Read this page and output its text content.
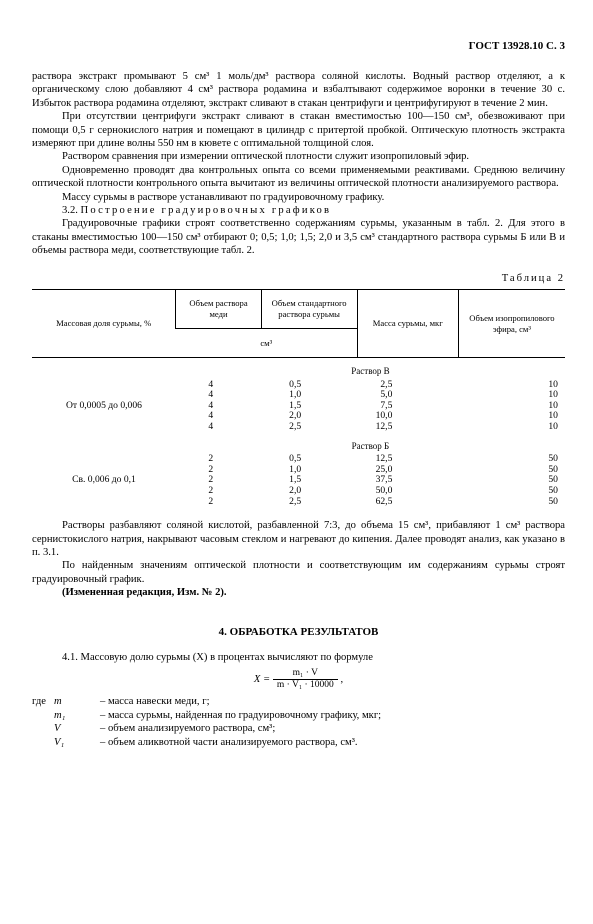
ГОСТ 13928.10 С. 3

раствора экстракт промывают 5 см³ 1 моль/дм³ раствора соляной кислоты. Водный раствор отделяют, а к органическому слою добавляют 4 см³ раствора родамина и взбалтывают содержимое воронки в течение 30 с. Избыток раствора родамина отделяют, экстракт сливают в стакан центрифуги и центрифугируют в течение 2 мин.

При отсутствии центрифуги экстракт сливают в стакан вместимостью 100—150 см³, обезвоживают при помощи 0,5 г сернокислого натрия и помещают в цилиндр с притертой пробкой. Оптическую плотность экстракта измеряют при длине волны 550 нм в кювете с оптимальной толщиной слоя.

Раствором сравнения при измерении оптической плотности служит изопропиловый эфир.

Одновременно проводят два контрольных опыта со всеми применяемыми реактивами. Среднюю величину оптической плотности контрольного опыта вычитают из величины оптической плотности анализируемого раствора.

Массу сурьмы в растворе устанавливают по градуировочному графику.

3.2. Построение градуировочных графиков

Градуировочные графики строят соответственно содержаниям сурьмы, указанным в табл. 2. Для этого в стаканы вместимостью 100—150 см³ отбирают 0; 0,5; 1,0; 1,5; 2,0 и 3,5 см³ стандартного раствора сурьмы Б или В и объемы раствора меди, соответствующие табл. 2.

Таблица 2
Массовая доля сурьмы, %	Объем раствора меди	Объем стандартного раствора сурьмы	Масса сурьмы, мкг	Объем изопропилового эфира, см³
	см³			
	Раствор В			
От 0,0005 до 0,006	4	0,5	2,5	10
	4	1,0	5,0	10
	4	1,5	7,5	10
	4	2,0	10,0	10
	4	2,5	12,5	10
	Раствор Б			
Св. 0,006 до 0,1	2	0,5	12,5	50
	2	1,0	25,0	50
	2	1,5	37,5	50
	2	2,0	50,0	50
	2	2,5	62,5	50

Растворы разбавляют соляной кислотой, разбавленной 7:3, до объема 15 см³, прибавляют 1 см³ раствора сернистокислого натрия, накрывают часовым стеклом и нагревают до кипения. Далее проводят анализ, как указано в п. 3.1.

По найденным значениям оптической плотности и соответствующим им содержаниям сурьмы строят градуировочный график.

(Измененная редакция, Изм. № 2).

4. ОБРАБОТКА РЕЗУЛЬТАТОВ

4.1. Массовую долю сурьмы (X) в процентах вычисляют по формуле

$X = \frac{\text{m₁ · V}}{\text{m · V₁ · 10000}}$ ,
где m	– масса навески меди, г;
m₁	– масса сурьмы, найденная по градуировочному графику, мкг;
V	– объем анализируемого раствора, см³;
V₁	– объем аликвотной части анализируемого раствора, см³.
